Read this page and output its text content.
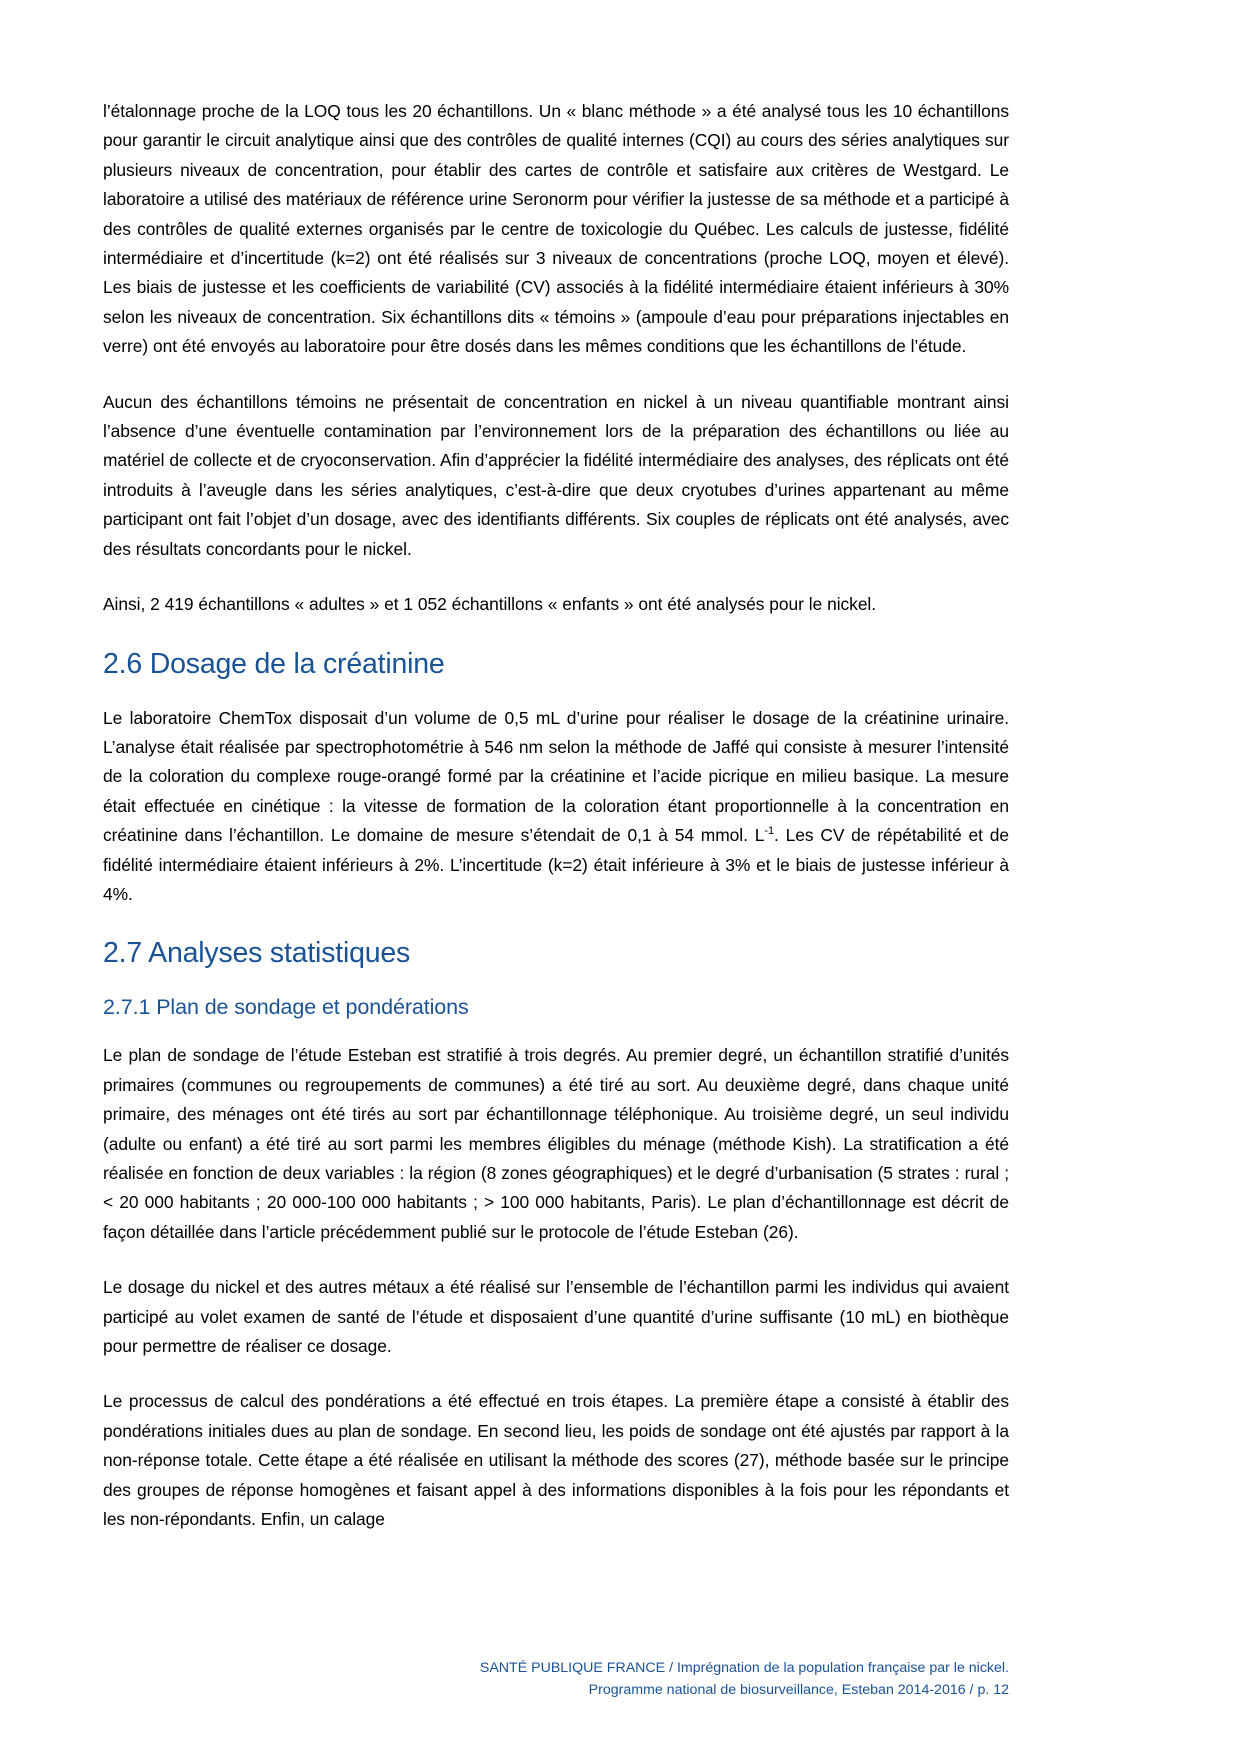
l’étalonnage proche de la LOQ tous les 20 échantillons. Un « blanc méthode » a été analysé tous les 10 échantillons pour garantir le circuit analytique ainsi que des contrôles de qualité internes (CQI) au cours des séries analytiques sur plusieurs niveaux de concentration, pour établir des cartes de contrôle et satisfaire aux critères de Westgard. Le laboratoire a utilisé des matériaux de référence urine Seronorm pour vérifier la justesse de sa méthode et a participé à des contrôles de qualité externes organisés par le centre de toxicologie du Québec. Les calculs de justesse, fidélité intermédiaire et d’incertitude (k=2) ont été réalisés sur 3 niveaux de concentrations (proche LOQ, moyen et élevé). Les biais de justesse et les coefficients de variabilité (CV) associés à la fidélité intermédiaire étaient inférieurs à 30% selon les niveaux de concentration. Six échantillons dits « témoins » (ampoule d’eau pour préparations injectables en verre) ont été envoyés au laboratoire pour être dosés dans les mêmes conditions que les échantillons de l’étude.

Aucun des échantillons témoins ne présentait de concentration en nickel à un niveau quantifiable montrant ainsi l’absence d’une éventuelle contamination par l’environnement lors de la préparation des échantillons ou liée au matériel de collecte et de cryoconservation. Afin d’apprécier la fidélité intermédiaire des analyses, des réplicats ont été introduits à l’aveugle dans les séries analytiques, c’est-à-dire que deux cryotubes d’urines appartenant au même participant ont fait l’objet d’un dosage, avec des identifiants différents. Six couples de réplicats ont été analysés, avec des résultats concordants pour le nickel.

Ainsi, 2 419 échantillons « adultes » et 1 052 échantillons « enfants » ont été analysés pour le nickel.

2.6 Dosage de la créatinine

Le laboratoire ChemTox disposait d’un volume de 0,5 mL d’urine pour réaliser le dosage de la créatinine urinaire. L’analyse était réalisée par spectrophotométrie à 546 nm selon la méthode de Jaffé qui consiste à mesurer l’intensité de la coloration du complexe rouge-orangé formé par la créatinine et l’acide picrique en milieu basique. La mesure était effectuée en cinétique : la vitesse de formation de la coloration étant proportionnelle à la concentration en créatinine dans l’échantillon. Le domaine de mesure s’étendait de 0,1 à 54 mmol. $L^{-1}$. Les CV de répétabilité et de fidélité intermédiaire étaient inférieurs à 2%. L’incertitude (k=2) était inférieure à 3% et le biais de justesse inférieur à 4%.

2.7 Analyses statistiques
2.7.1 Plan de sondage et pondérations

Le plan de sondage de l’étude Esteban est stratifié à trois degrés. Au premier degré, un échantillon stratifié d’unités primaires (communes ou regroupements de communes) a été tiré au sort. Au deuxième degré, dans chaque unité primaire, des ménages ont été tirés au sort par échantillonnage téléphonique. Au troisième degré, un seul individu (adulte ou enfant) a été tiré au sort parmi les membres éligibles du ménage (méthode Kish). La stratification a été réalisée en fonction de deux variables : la région (8 zones géographiques) et le degré d’urbanisation (5 strates : rural ; < 20 000 habitants ; 20 000-100 000 habitants ; > 100 000 habitants, Paris). Le plan d’échantillonnage est décrit de façon détaillée dans l’article précédemment publié sur le protocole de l’étude Esteban (26).

Le dosage du nickel et des autres métaux a été réalisé sur l’ensemble de l’échantillon parmi les individus qui avaient participé au volet examen de santé de l’étude et disposaient d’une quantité d’urine suffisante (10 mL) en biothèque pour permettre de réaliser ce dosage.

Le processus de calcul des pondérations a été effectué en trois étapes. La première étape a consisté à établir des pondérations initiales dues au plan de sondage. En second lieu, les poids de sondage ont été ajustés par rapport à la non-réponse totale. Cette étape a été réalisée en utilisant la méthode des scores (27), méthode basée sur le principe des groupes de réponse homogènes et faisant appel à des informations disponibles à la fois pour les répondants et les non-répondants. Enfin, un calage

SANTÉ PUBLIQUE FRANCE / Imprégnation de la population française par le nickel.
Programme national de biosurveillance, Esteban 2014-2016 / p. 12
